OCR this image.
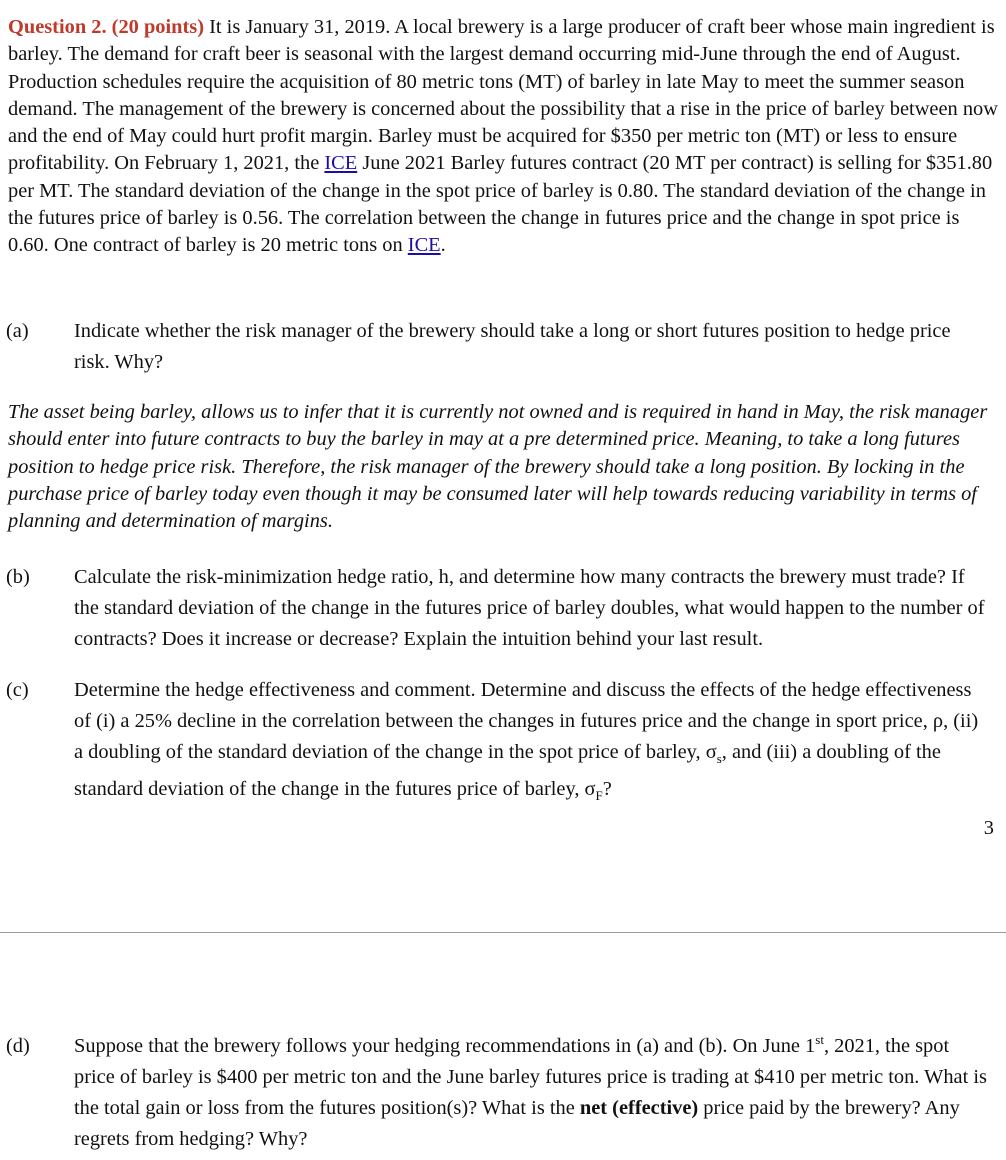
Question 2. (20 points) It is January 31, 2019. A local brewery is a large producer of craft beer whose main ingredient is barley. The demand for craft beer is seasonal with the largest demand occurring mid-June through the end of August. Production schedules require the acquisition of 80 metric tons (MT) of barley in late May to meet the summer season demand. The management of the brewery is concerned about the possibility that a rise in the price of barley between now and the end of May could hurt profit margin. Barley must be acquired for $350 per metric ton (MT) or less to ensure profitability. On February 1, 2021, the ICE June 2021 Barley futures contract (20 MT per contract) is selling for $351.80 per MT. The standard deviation of the change in the spot price of barley is 0.80. The standard deviation of the change in the futures price of barley is 0.56. The correlation between the change in futures price and the change in spot price is 0.60. One contract of barley is 20 metric tons on ICE.

(a) Indicate whether the risk manager of the brewery should take a long or short futures position to hedge price risk. Why?

The asset being barley, allows us to infer that it is currently not owned and is required in hand in May, the risk manager should enter into future contracts to buy the barley in may at a pre determined price. Meaning, to take a long futures position to hedge price risk. Therefore, the risk manager of the brewery should take a long position. By locking in the purchase price of barley today even though it may be consumed later will help towards reducing variability in terms of planning and determination of margins.

(b) Calculate the risk-minimization hedge ratio, h, and determine how many contracts the brewery must trade? If the standard deviation of the change in the futures price of barley doubles, what would happen to the number of contracts? Does it increase or decrease? Explain the intuition behind your last result.

(c) Determine the hedge effectiveness and comment. Determine and discuss the effects of the hedge effectiveness of (i) a 25% decline in the correlation between the changes in futures price and the change in sport price, ρ, (ii) a doubling of the standard deviation of the change in the spot price of barley, $\sigma_s$, and (iii) a doubling of the standard deviation of the change in the futures price of barley, $\sigma_F$?

3

(d) Suppose that the brewery follows your hedging recommendations in (a) and (b). On June 1st, 2021, the spot price of barley is $400 per metric ton and the June barley futures price is trading at $410 per metric ton. What is the total gain or loss from the futures position(s)? What is the net (effective) price paid by the brewery? Any regrets from hedging? Why?
